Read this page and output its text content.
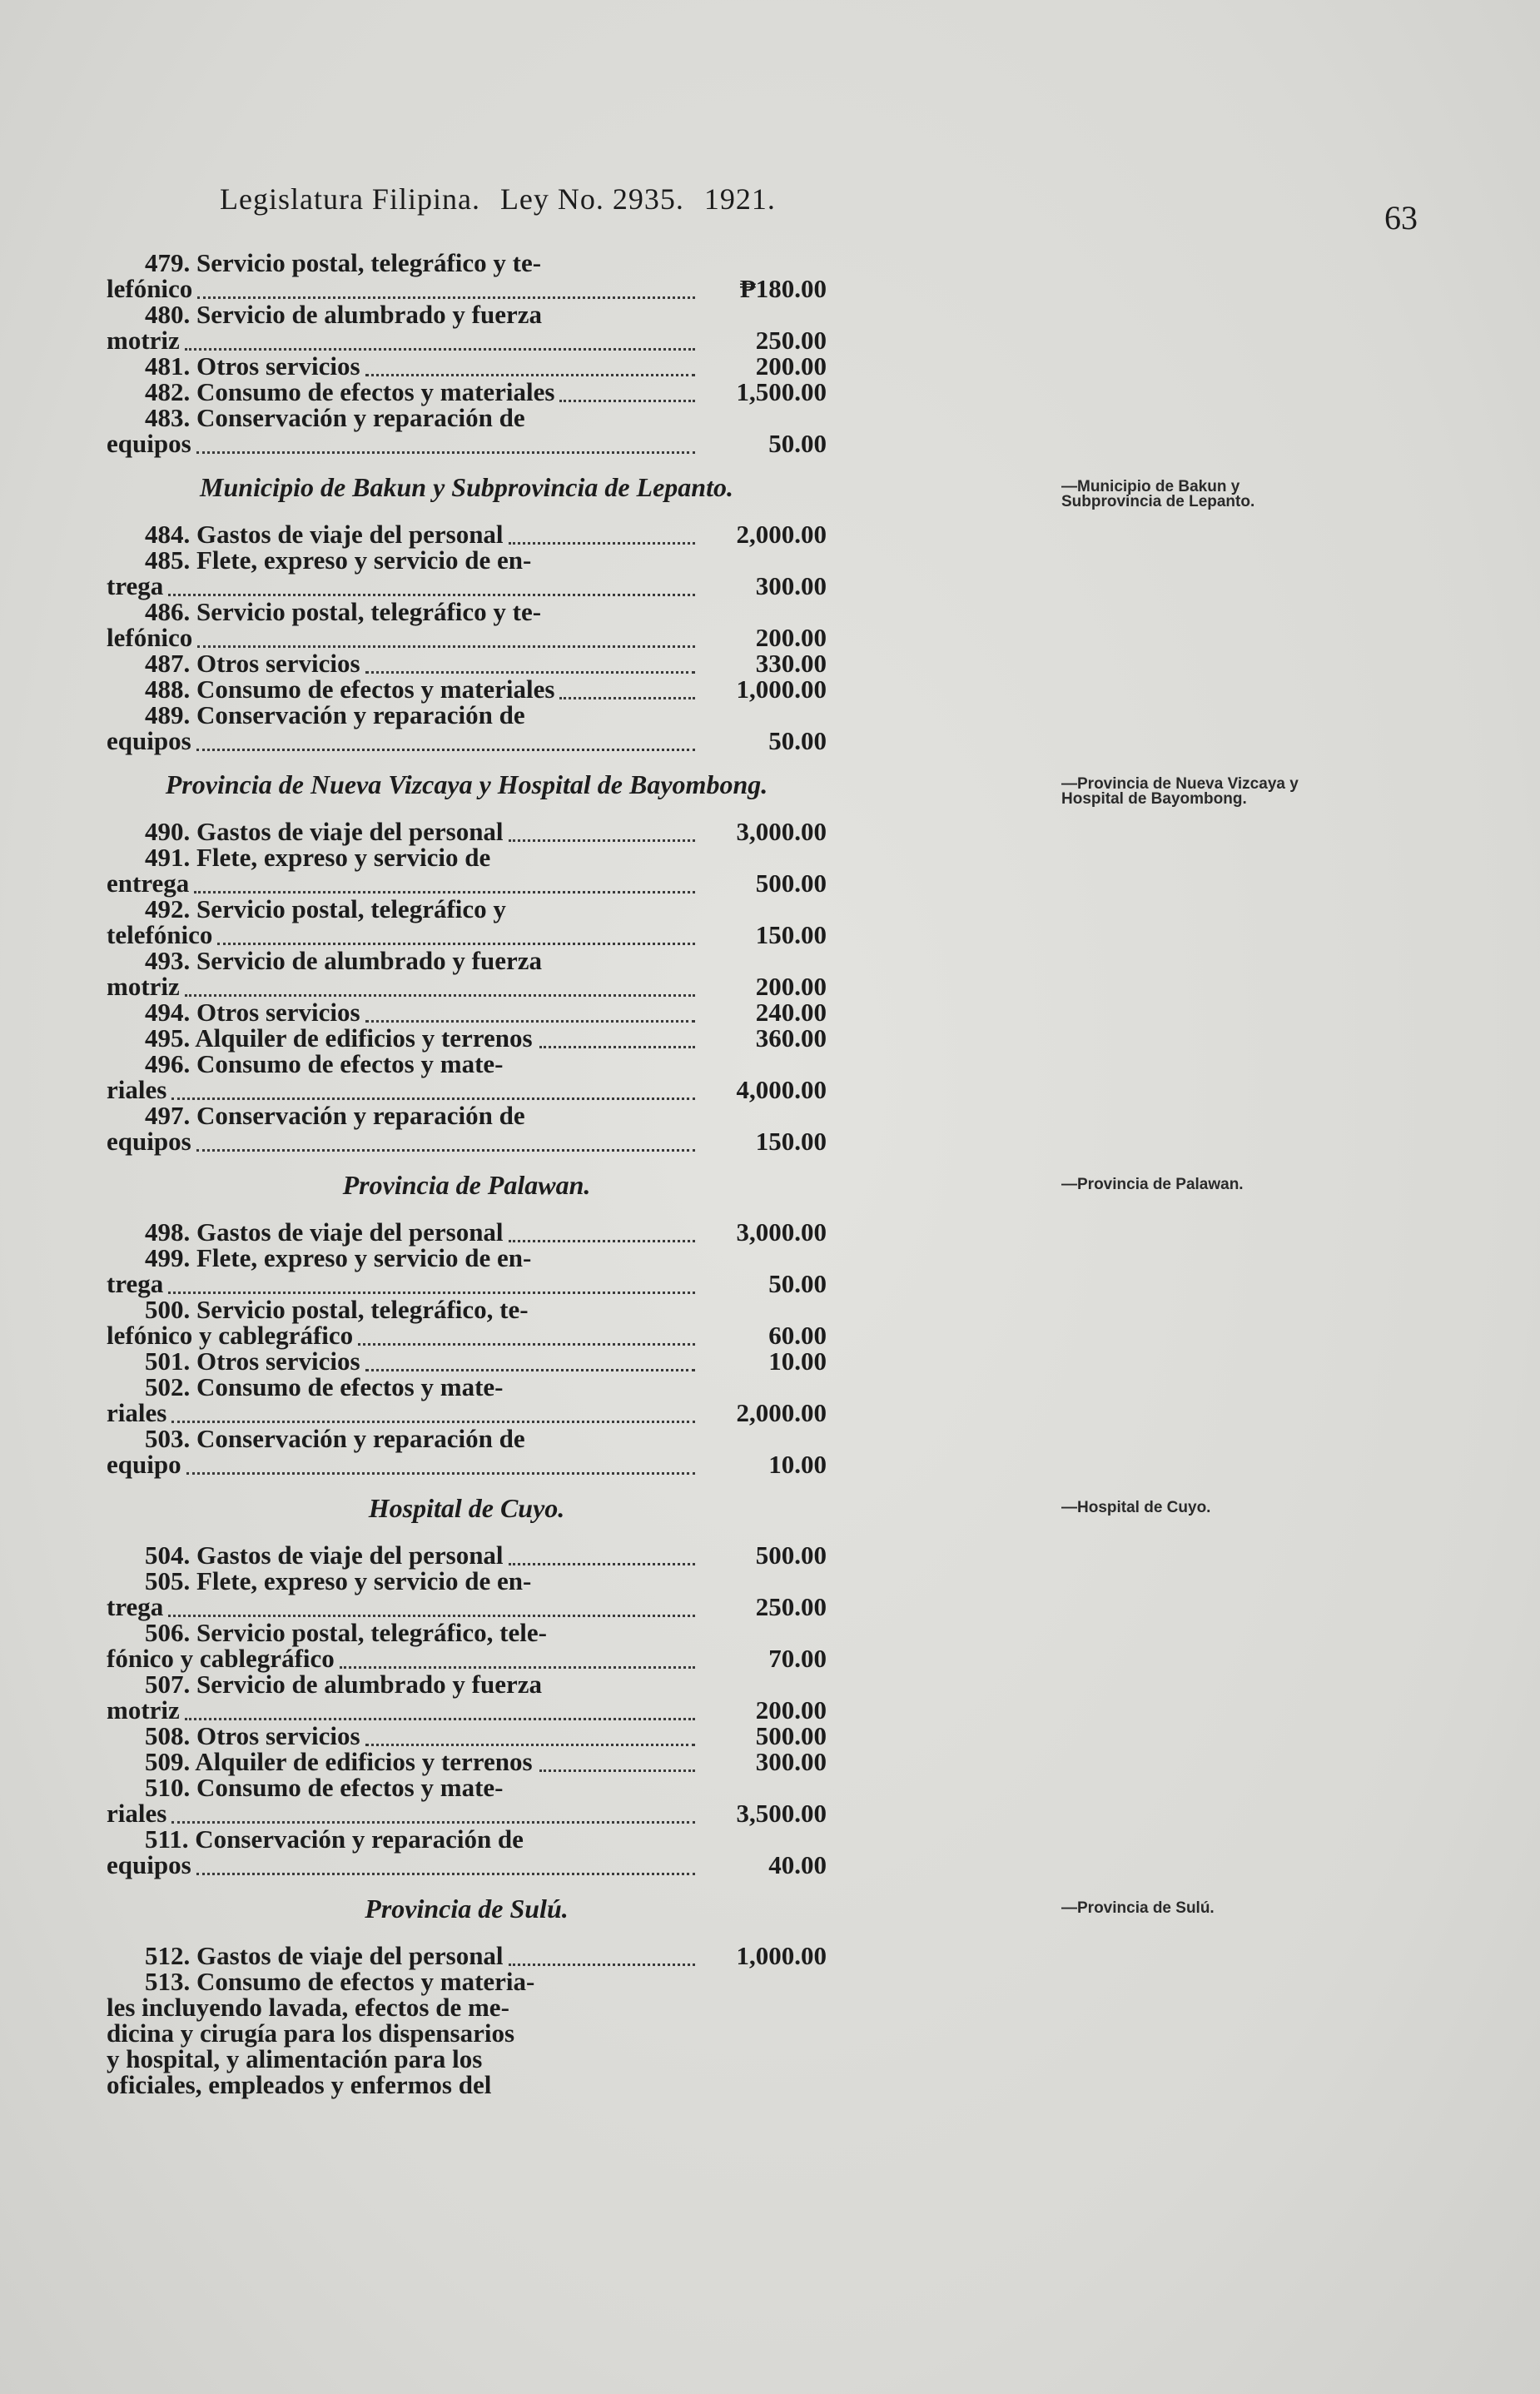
Legislatura Filipina. Ley No. 2935. 1921.	63
479. Servicio postal, telegráfico y te-
lefónico	₱180.00
480. Servicio de alumbrado y fuerza
motriz	250.00
481. Otros servicios	200.00
482. Consumo de efectos y materiales	1,500.00
483. Conservación y reparación de
equipos	50.00
Municipio de Bakun y Subprovincia de Lepanto.
484. Gastos de viaje del personal	2,000.00
485. Flete, expreso y servicio de en-
trega	300.00
486. Servicio postal, telegráfico y te-
lefónico	200.00
487. Otros servicios	330.00
488. Consumo de efectos y materiales	1,000.00
489. Conservación y reparación de
equipos	50.00
Provincia de Nueva Vizcaya y Hospital de Bayombong.
490. Gastos de viaje del personal	3,000.00
491. Flete, expreso y servicio de
entrega	500.00
492. Servicio postal, telegráfico y
telefónico	150.00
493. Servicio de alumbrado y fuerza
motriz	200.00
494. Otros servicios	240.00
495. Alquiler de edificios y terrenos	360.00
496. Consumo de efectos y mate-
riales	4,000.00
497. Conservación y reparación de
equipos	150.00
Provincia de Palawan.
498. Gastos de viaje del personal	3,000.00
499. Flete, expreso y servicio de en-
trega	50.00
500. Servicio postal, telegráfico, te-
lefónico y cablegráfico	60.00
501. Otros servicios	10.00
502. Consumo de efectos y mate-
riales	2,000.00
503. Conservación y reparación de
equipo	10.00
Hospital de Cuyo.
504. Gastos de viaje del personal	500.00
505. Flete, expreso y servicio de en-
trega	250.00
506. Servicio postal, telegráfico, tele-
fónico y cablegráfico	70.00
507. Servicio de alumbrado y fuerza
motriz	200.00
508. Otros servicios	500.00
509. Alquiler de edificios y terrenos	300.00
510. Consumo de efectos y mate-
riales	3,500.00
511. Conservación y reparación de
equipos	40.00
Provincia de Sulú.
512. Gastos de viaje del personal	1,000.00
513. Consumo de efectos y materia-
les incluyendo lavada, efectos de me-
dicina y cirugía para los dispensarios
y hospital, y alimentación para los
oficiales, empleados y enfermos del
—Municipio de Bakun y Subprovincia de Lepanto.
—Provincia de Nueva Vizcaya y Hospital de Bayombong.
—Provincia de Palawan.
—Hospital de Cuyo.
—Provincia de Sulú.
